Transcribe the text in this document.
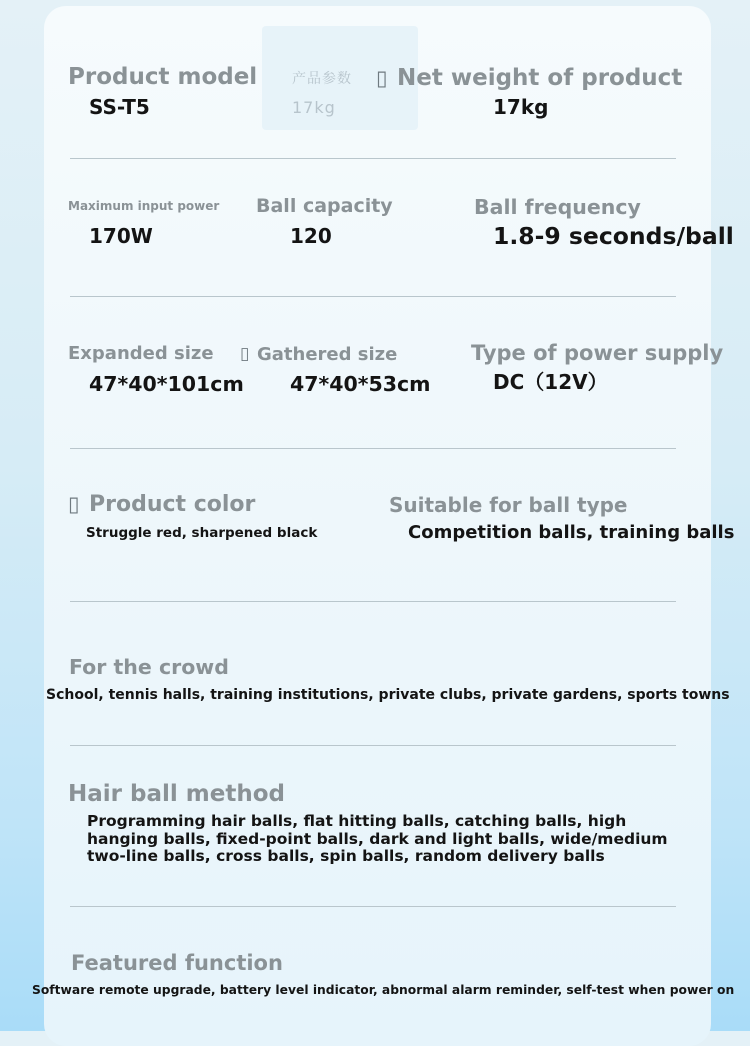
产品参数
17kg
Product model
SS-T5
▯ Net weight of product
17kg
Maximum input power
170W
Ball capacity
120
Ball frequency
1.8-9 seconds/ball
Expanded size
47*40*101cm
▯ Gathered size
47*40*53cm
Type of power supply
DC（12V）
▯ Product color
Struggle red, sharpened black
Suitable for ball type
Competition balls, training balls
For the crowd
School, tennis halls, training institutions, private clubs, private gardens, sports towns
Hair ball method
Programming hair balls, flat hitting balls, catching balls, high
hanging balls, fixed-point balls, dark and light balls, wide/medium
two-line balls, cross balls, spin balls, random delivery balls
Featured function
Software remote upgrade, battery level indicator, abnormal alarm reminder, self-test when power on
